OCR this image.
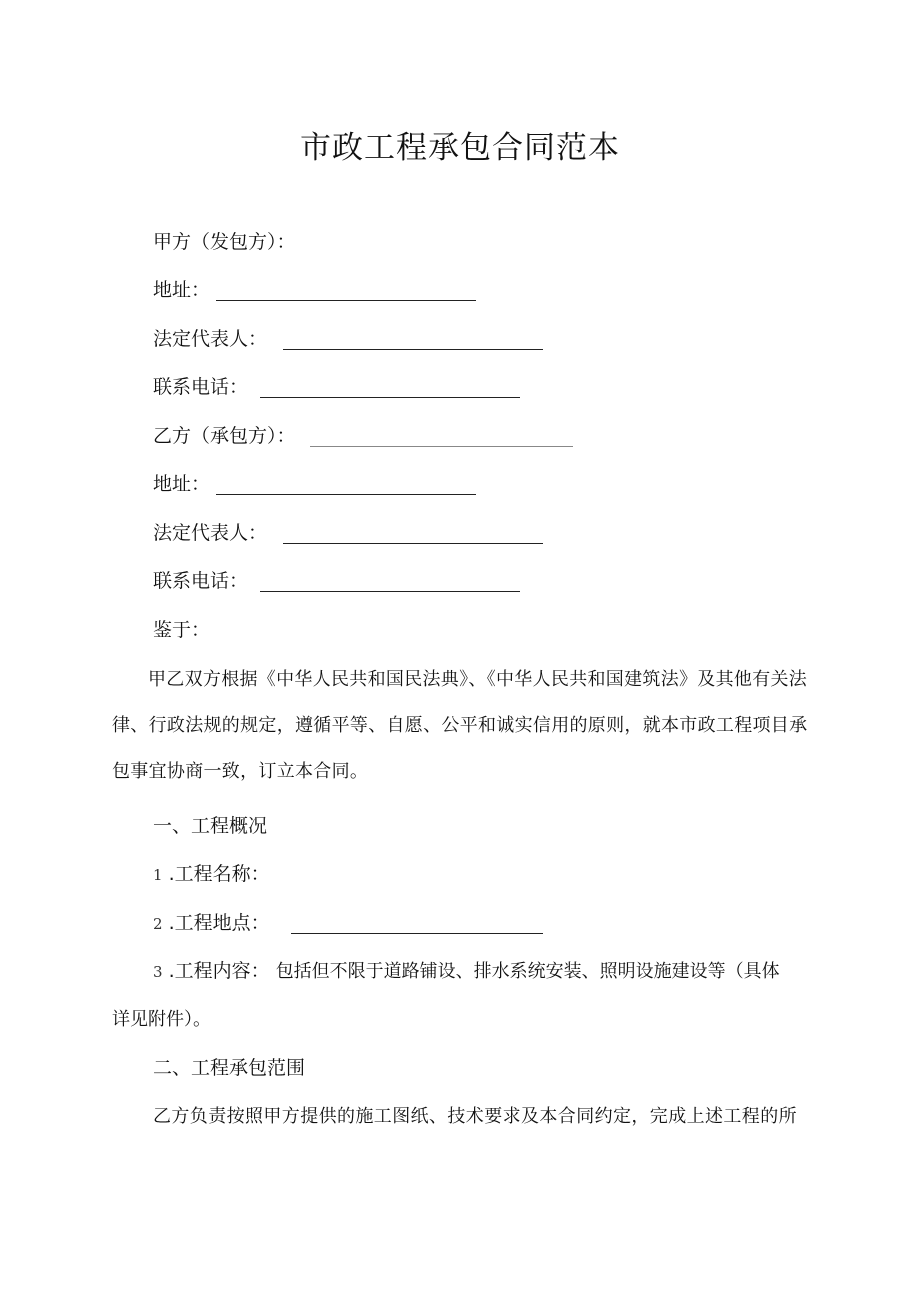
市政工程承包合同范本
甲方（发包方）：
地址：
法定代表人：
联系电话：
乙方（承包方）：
地址：
法定代表人：
联系电话：
鉴于：

甲乙双方根据《中华人民共和国民法典》、《中华人民共和国建筑法》及其他有关法律、行政法规的规定，遵循平等、自愿、公平和诚实信用的原则，就本市政工程项目承包事宜协商一致，订立本合同。

一、工程概况
1 .工程名称：
2 .工程地点：
3 .工程内容： 包括但不限于道路铺设、排水系统安装、照明设施建设等（具体
详见附件）。
二、工程承包范围
乙方负责按照甲方提供的施工图纸、技术要求及本合同约定，完成上述工程的所
